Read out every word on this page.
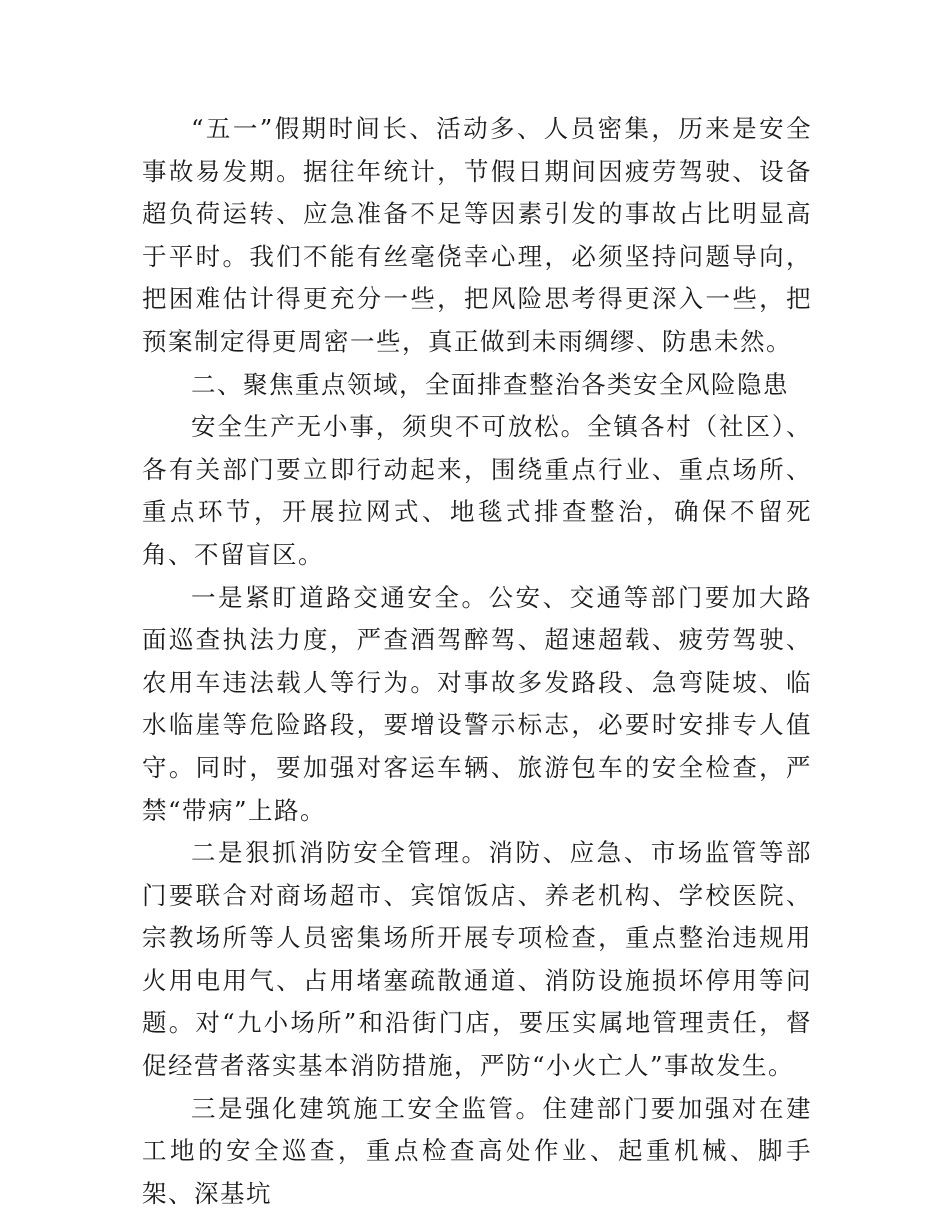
“五一”假期时间长、活动多、人员密集，历来是安全事故易发期。据往年统计，节假日期间因疲劳驾驶、设备超负荷运转、应急准备不足等因素引发的事故占比明显高于平时。我们不能有丝毫侥幸心理，必须坚持问题导向，把困难估计得更充分一些，把风险思考得更深入一些，把预案制定得更周密一些，真正做到未雨绸缪、防患未然。

二、聚焦重点领域，全面排查整治各类安全风险隐患

安全生产无小事，须臾不可放松。全镇各村（社区）、各有关部门要立即行动起来，围绕重点行业、重点场所、重点环节，开展拉网式、地毯式排查整治，确保不留死角、不留盲区。

一是紧盯道路交通安全。公安、交通等部门要加大路面巡查执法力度，严查酒驾醉驾、超速超载、疲劳驾驶、农用车违法载人等行为。对事故多发路段、急弯陡坡、临水临崖等危险路段，要增设警示标志，必要时安排专人值守。同时，要加强对客运车辆、旅游包车的安全检查，严禁“带病”上路。

二是狠抓消防安全管理。消防、应急、市场监管等部门要联合对商场超市、宾馆饭店、养老机构、学校医院、宗教场所等人员密集场所开展专项检查，重点整治违规用火用电用气、占用堵塞疏散通道、消防设施损坏停用等问题。对“九小场所”和沿街门店，要压实属地管理责任，督促经营者落实基本消防措施，严防“小火亡人”事故发生。

三是强化建筑施工安全监管。住建部门要加强对在建工地的安全巡查，重点检查高处作业、起重机械、脚手架、深基坑
